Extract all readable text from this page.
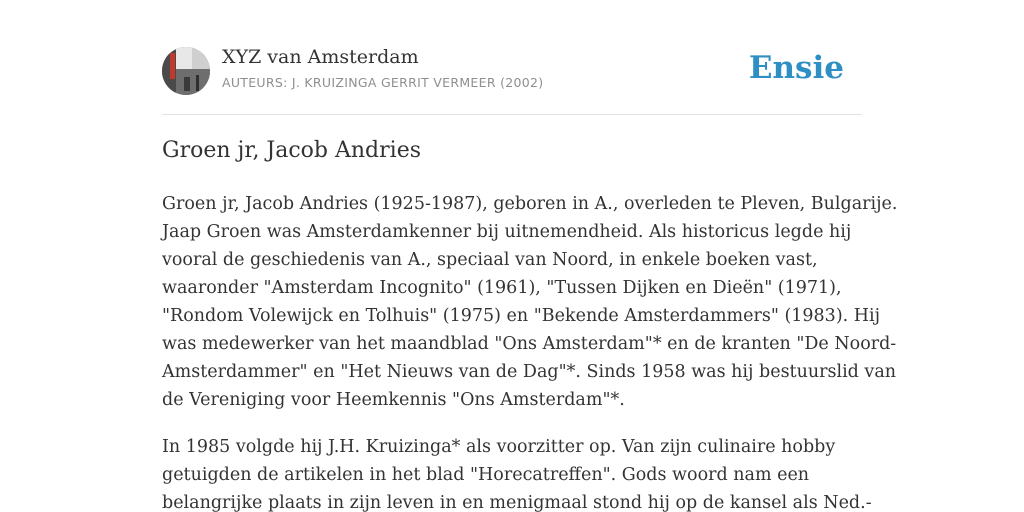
XYZ van Amsterdam
AUTEURS: J. KRUIZINGA GERRIT VERMEER (2002)	Ensie
Groen jr, Jacob Andries

Groen jr, Jacob Andries (1925-1987), geboren in A., overleden te Pleven, Bulgarije.
Jaap Groen was Amsterdamkenner bij uitnemendheid. Als historicus legde hij
vooral de geschiedenis van A., speciaal van Noord, in enkele boeken vast,
waaronder "Amsterdam Incognito" (1961), "Tussen Dijken en Dieën" (1971),
"Rondom Volewijck en Tolhuis" (1975) en "Bekende Amsterdammers" (1983). Hij
was medewerker van het maandblad "Ons Amsterdam"* en de kranten "De Noord-
Amsterdammer" en "Het Nieuws van de Dag"*. Sinds 1958 was hij bestuurslid van
de Vereniging voor Heemkennis "Ons Amsterdam"*.

In 1985 volgde hij J.H. Kruizinga* als voorzitter op. Van zijn culinaire hobby
getuigden de artikelen in het blad "Horecatreffen". Gods woord nam een
belangrijke plaats in zijn leven in en menigmaal stond hij op de kansel als Ned.-
